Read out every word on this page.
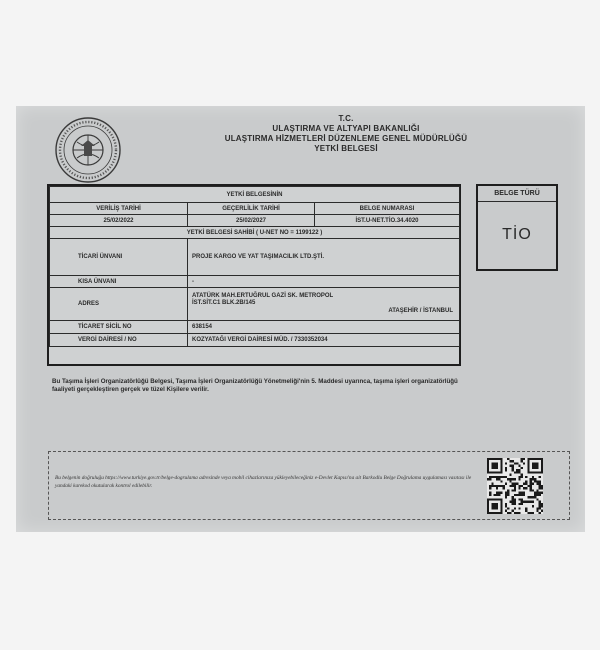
T.C.
ULAŞTIRMA VE ALTYAPI BAKANLIĞI
ULAŞTIRMA HİZMETLERİ DÜZENLEME GENEL MÜDÜRLÜĞÜ
YETKİ BELGESİ
YETKİ BELGESİNİN		
VERİLİŞ TARİHİ	GEÇERLİLİK TARİHİ	BELGE NUMARASI
25/02/2022	25/02/2027	İST.U-NET.TİO.34.4020
YETKİ BELGESİ SAHİBİ ( U-NET NO = 1199122 )		
TİCARİ ÜNVANI	PROJE KARGO VE YAT TAŞIMACILIK LTD.ŞTİ.	
KISA ÜNVANI	-	
ADRES	ATATÜRK MAH.ERTUĞRUL GAZİ SK. METROPOL
İST.SİT.C1 BLK.2B/145
ATAŞEHİR / İSTANBUL	

TİCARET SİCİL NO	638154	
VERGİ DAİRESİ / NO	KOZYATAĞI VERGİ DAİRESİ MÜD. / 7330352034	
BELGE TÜRÜ
TİO
Bu Taşıma İşleri Organizatörlüğü Belgesi, Taşıma İşleri Organizatörlüğü Yönetmeliği'nin 5. Maddesi uyarınca, taşıma işleri organizatörlüğü faaliyeti gerçekleştiren gerçek ve tüzel Kişilere verilir.
Bu belgenin doğruluğu https://www.turkiye.gov.tr/belge-dogrulama adresinde veya mobil cihazlarınıza yükleyebileceğiniz e-Devlet Kapısı'na ait Barkodlu Belge Doğrulama uygulaması vasıtası ile yandaki karekod okutularak kontrol edilebilir.
